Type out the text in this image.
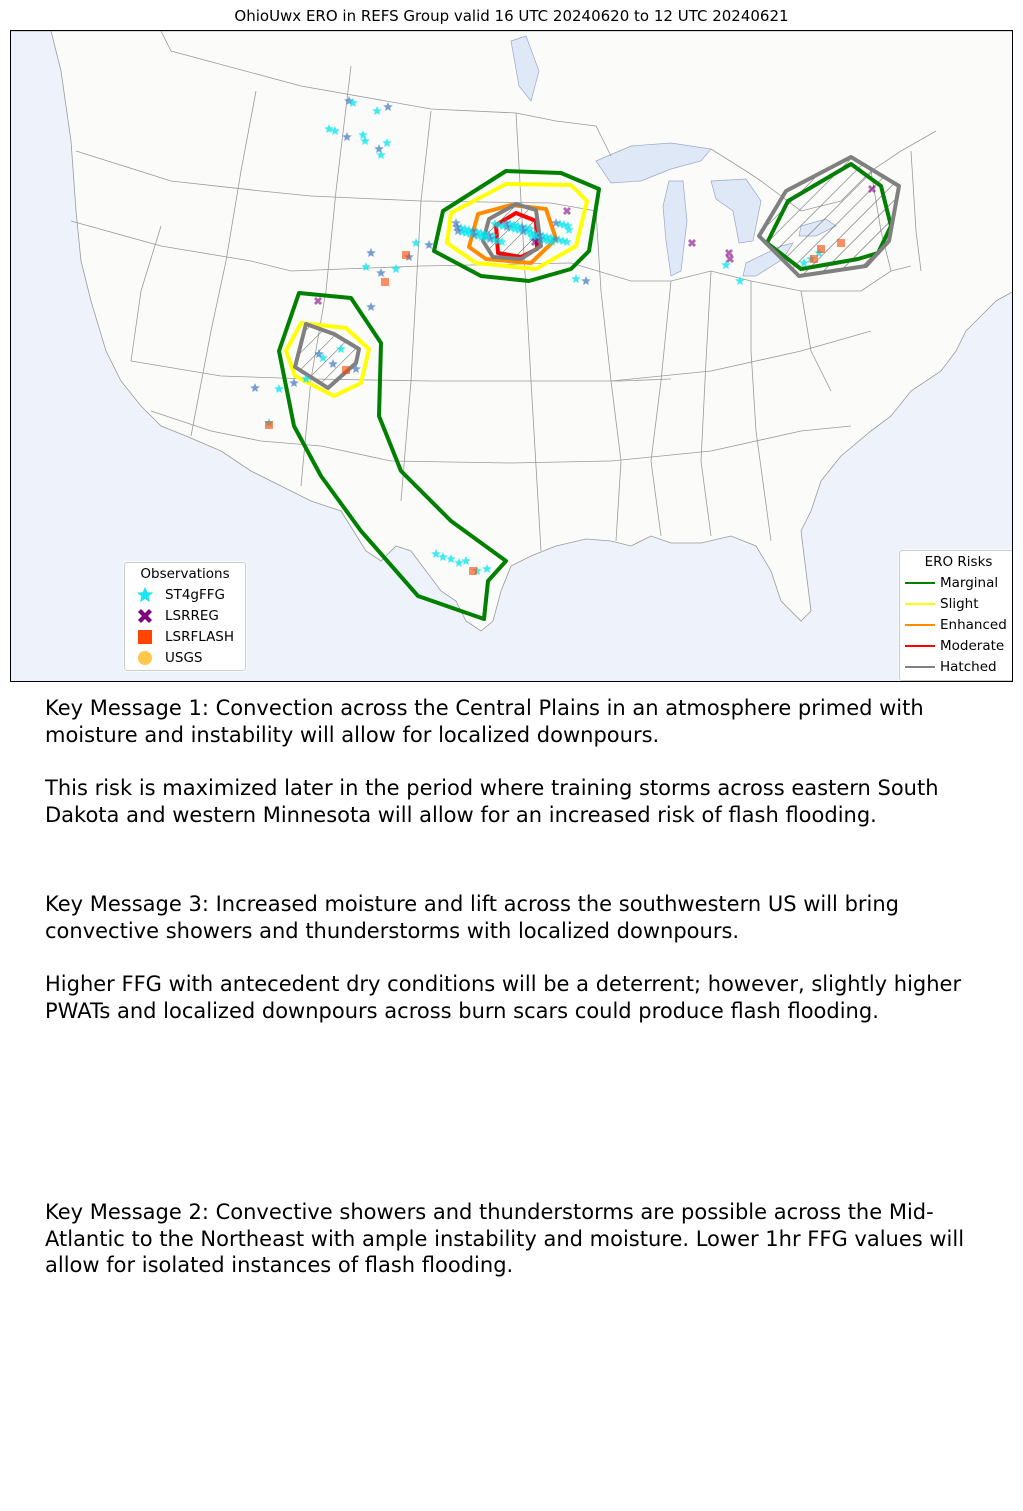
OhioUwx ERO in REFS Group valid 16 UTC 20240620 to 12 UTC 20240621
Observations
ST4gFFG
LSRREG
LSRFLASH
USGS
ERO Risks
Marginal
Slight
Enhanced
Moderate
Hatched

Key Message 1: Convection across the Central Plains in an atmosphere primed with moisture and instability will allow for localized downpours.

This risk is maximized later in the period where training storms across eastern South Dakota and western Minnesota will allow for an increased risk of flash flooding.

Key Message 3: Increased moisture and lift across the southwestern US will bring convective showers and thunderstorms with localized downpours.

Higher FFG with antecedent dry conditions will be a deterrent; however, slightly higher PWATs and localized downpours across burn scars could produce flash flooding.

Key Message 2: Convective showers and thunderstorms are possible across the Mid-Atlantic to the Northeast with ample instability and moisture. Lower 1hr FFG values will allow for isolated instances of flash flooding.
